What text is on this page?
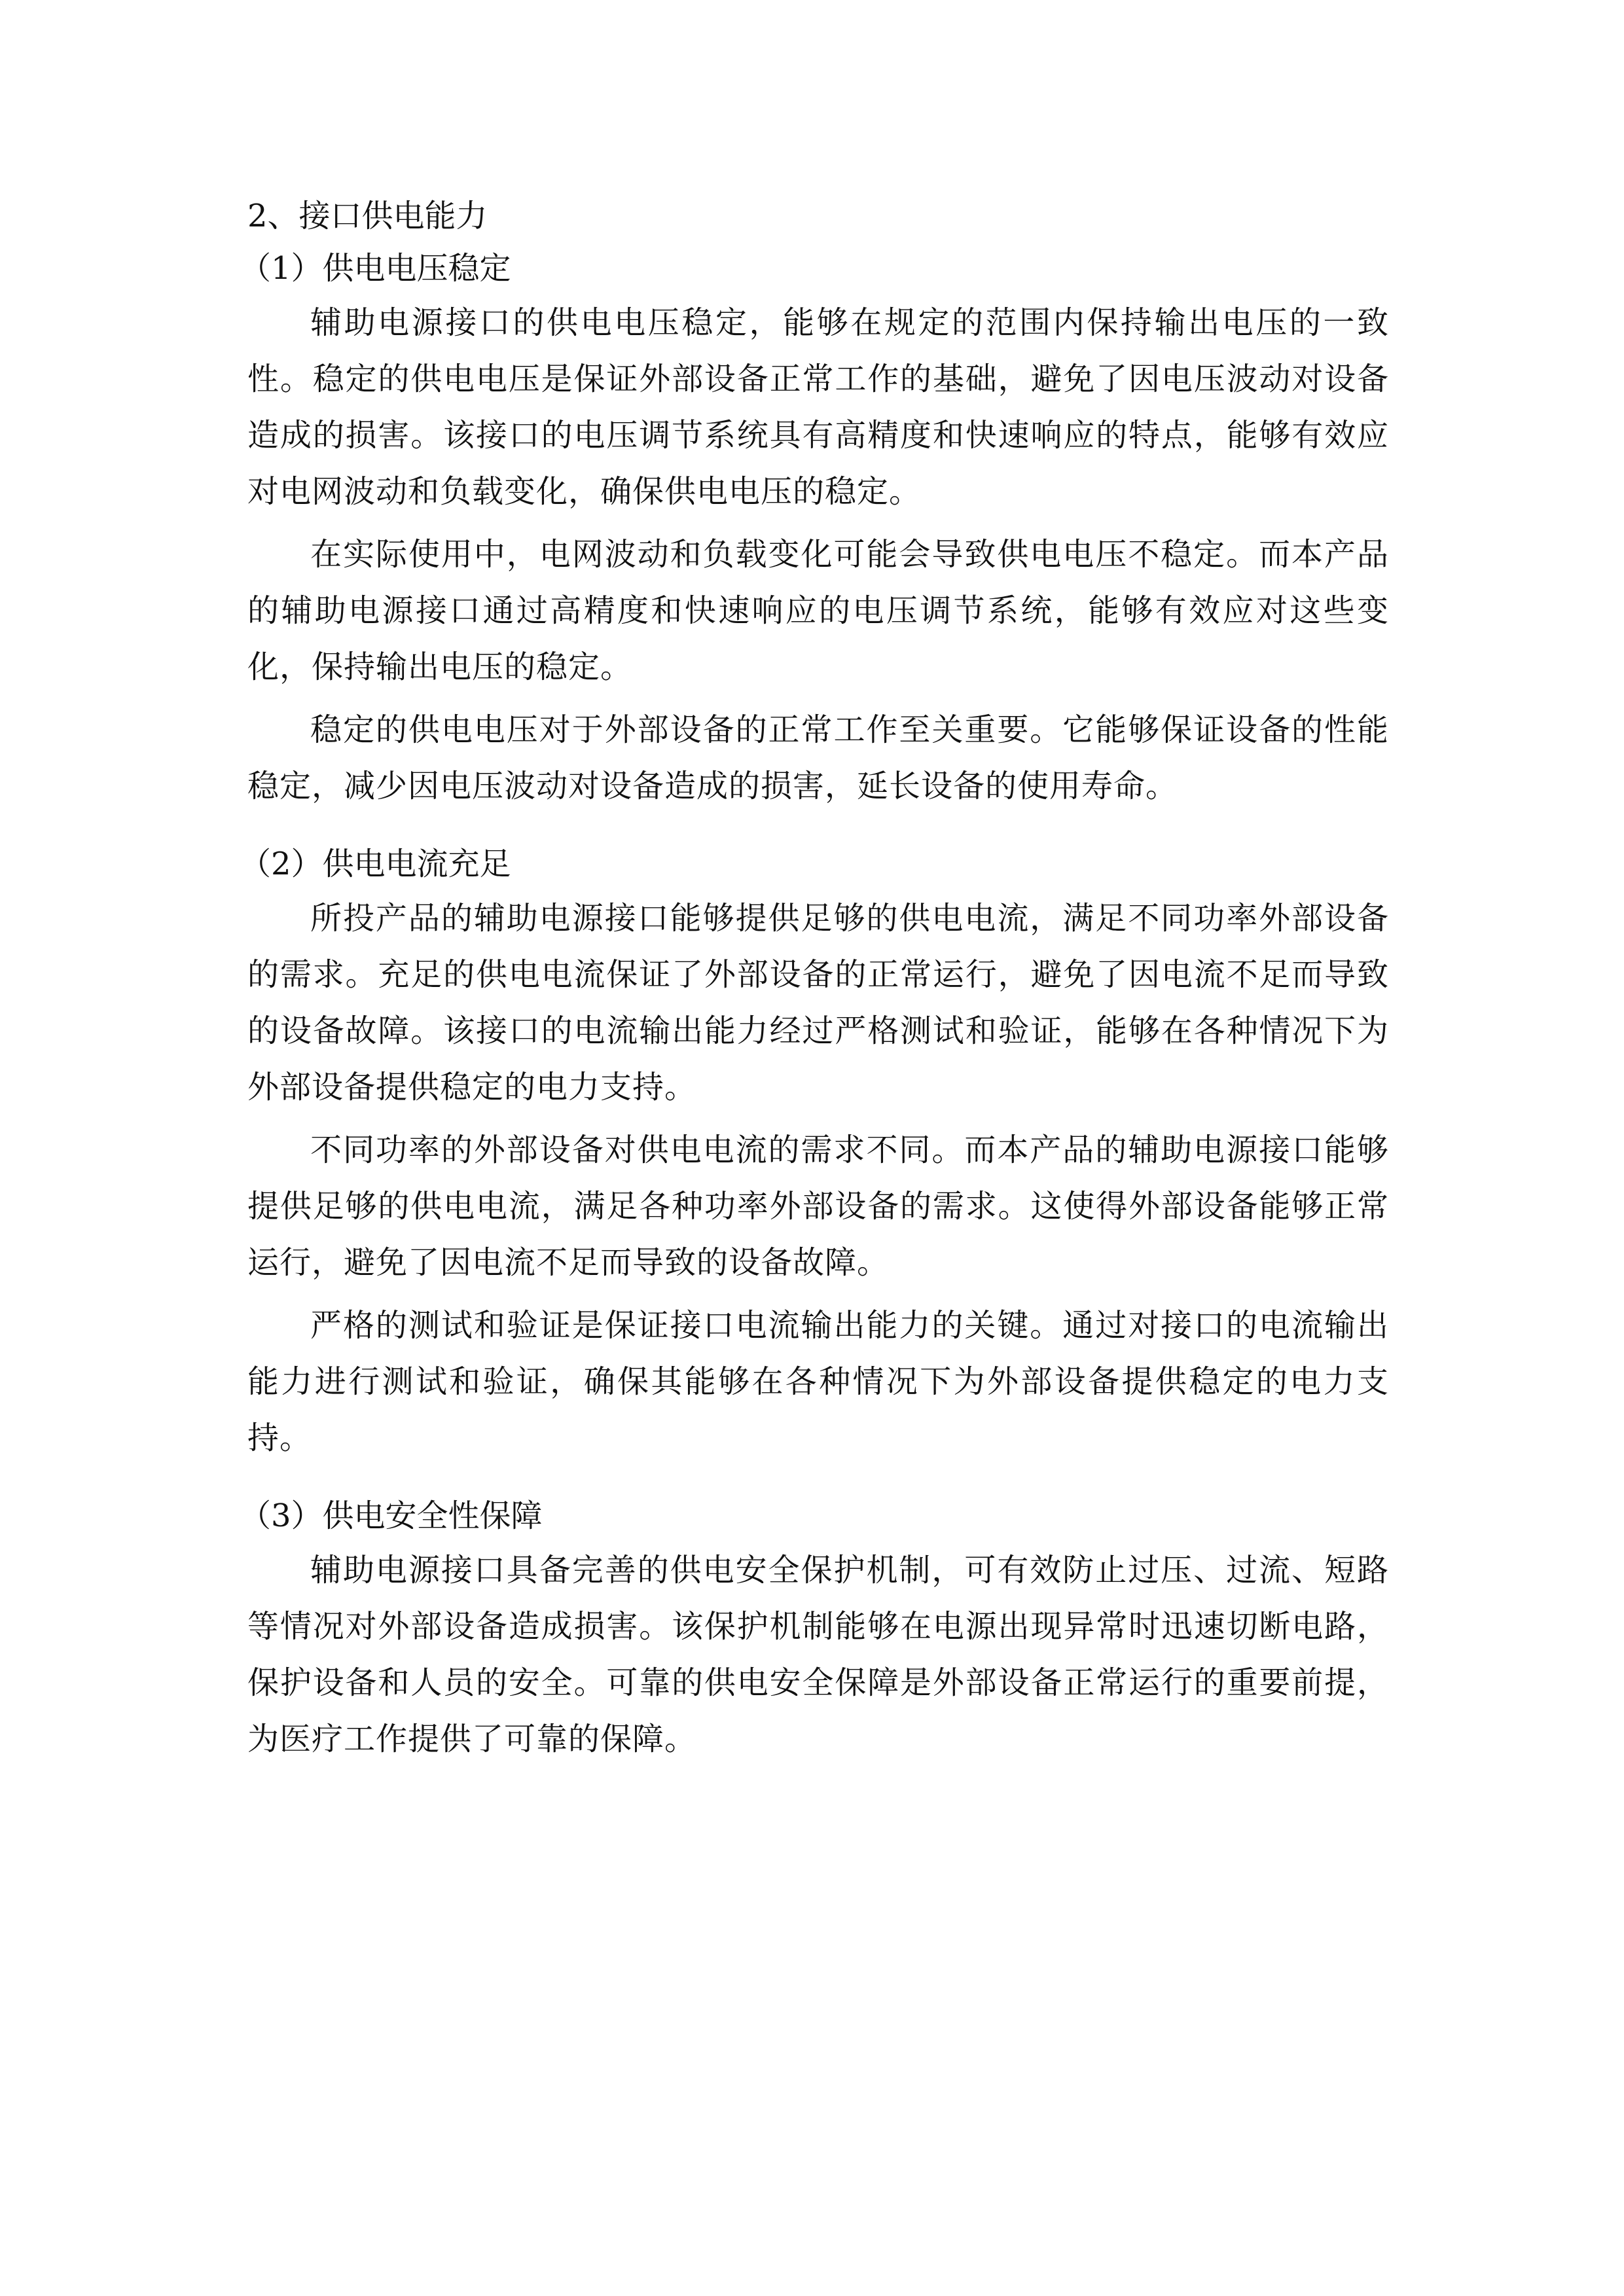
2、接口供电能力

（1）供电电压稳定

辅助电源接口的供电电压稳定，能够在规定的范围内保持输出电压的一致性。稳定的供电电压是保证外部设备正常工作的基础，避免了因电压波动对设备造成的损害。该接口的电压调节系统具有高精度和快速响应的特点，能够有效应对电网波动和负载变化，确保供电电压的稳定。

在实际使用中，电网波动和负载变化可能会导致供电电压不稳定。而本产品的辅助电源接口通过高精度和快速响应的电压调节系统，能够有效应对这些变化，保持输出电压的稳定。

稳定的供电电压对于外部设备的正常工作至关重要。它能够保证设备的性能稳定，减少因电压波动对设备造成的损害，延长设备的使用寿命。

（2）供电电流充足

所投产品的辅助电源接口能够提供足够的供电电流，满足不同功率外部设备的需求。充足的供电电流保证了外部设备的正常运行，避免了因电流不足而导致的设备故障。该接口的电流输出能力经过严格测试和验证，能够在各种情况下为外部设备提供稳定的电力支持。

不同功率的外部设备对供电电流的需求不同。而本产品的辅助电源接口能够提供足够的供电电流，满足各种功率外部设备的需求。这使得外部设备能够正常运行，避免了因电流不足而导致的设备故障。

严格的测试和验证是保证接口电流输出能力的关键。通过对接口的电流输出能力进行测试和验证，确保其能够在各种情况下为外部设备提供稳定的电力支持。

（3）供电安全性保障

辅助电源接口具备完善的供电安全保护机制，可有效防止过压、过流、短路等情况对外部设备造成损害。该保护机制能够在电源出现异常时迅速切断电路，保护设备和人员的安全。可靠的供电安全保障是外部设备正常运行的重要前提，为医疗工作提供了可靠的保障。
